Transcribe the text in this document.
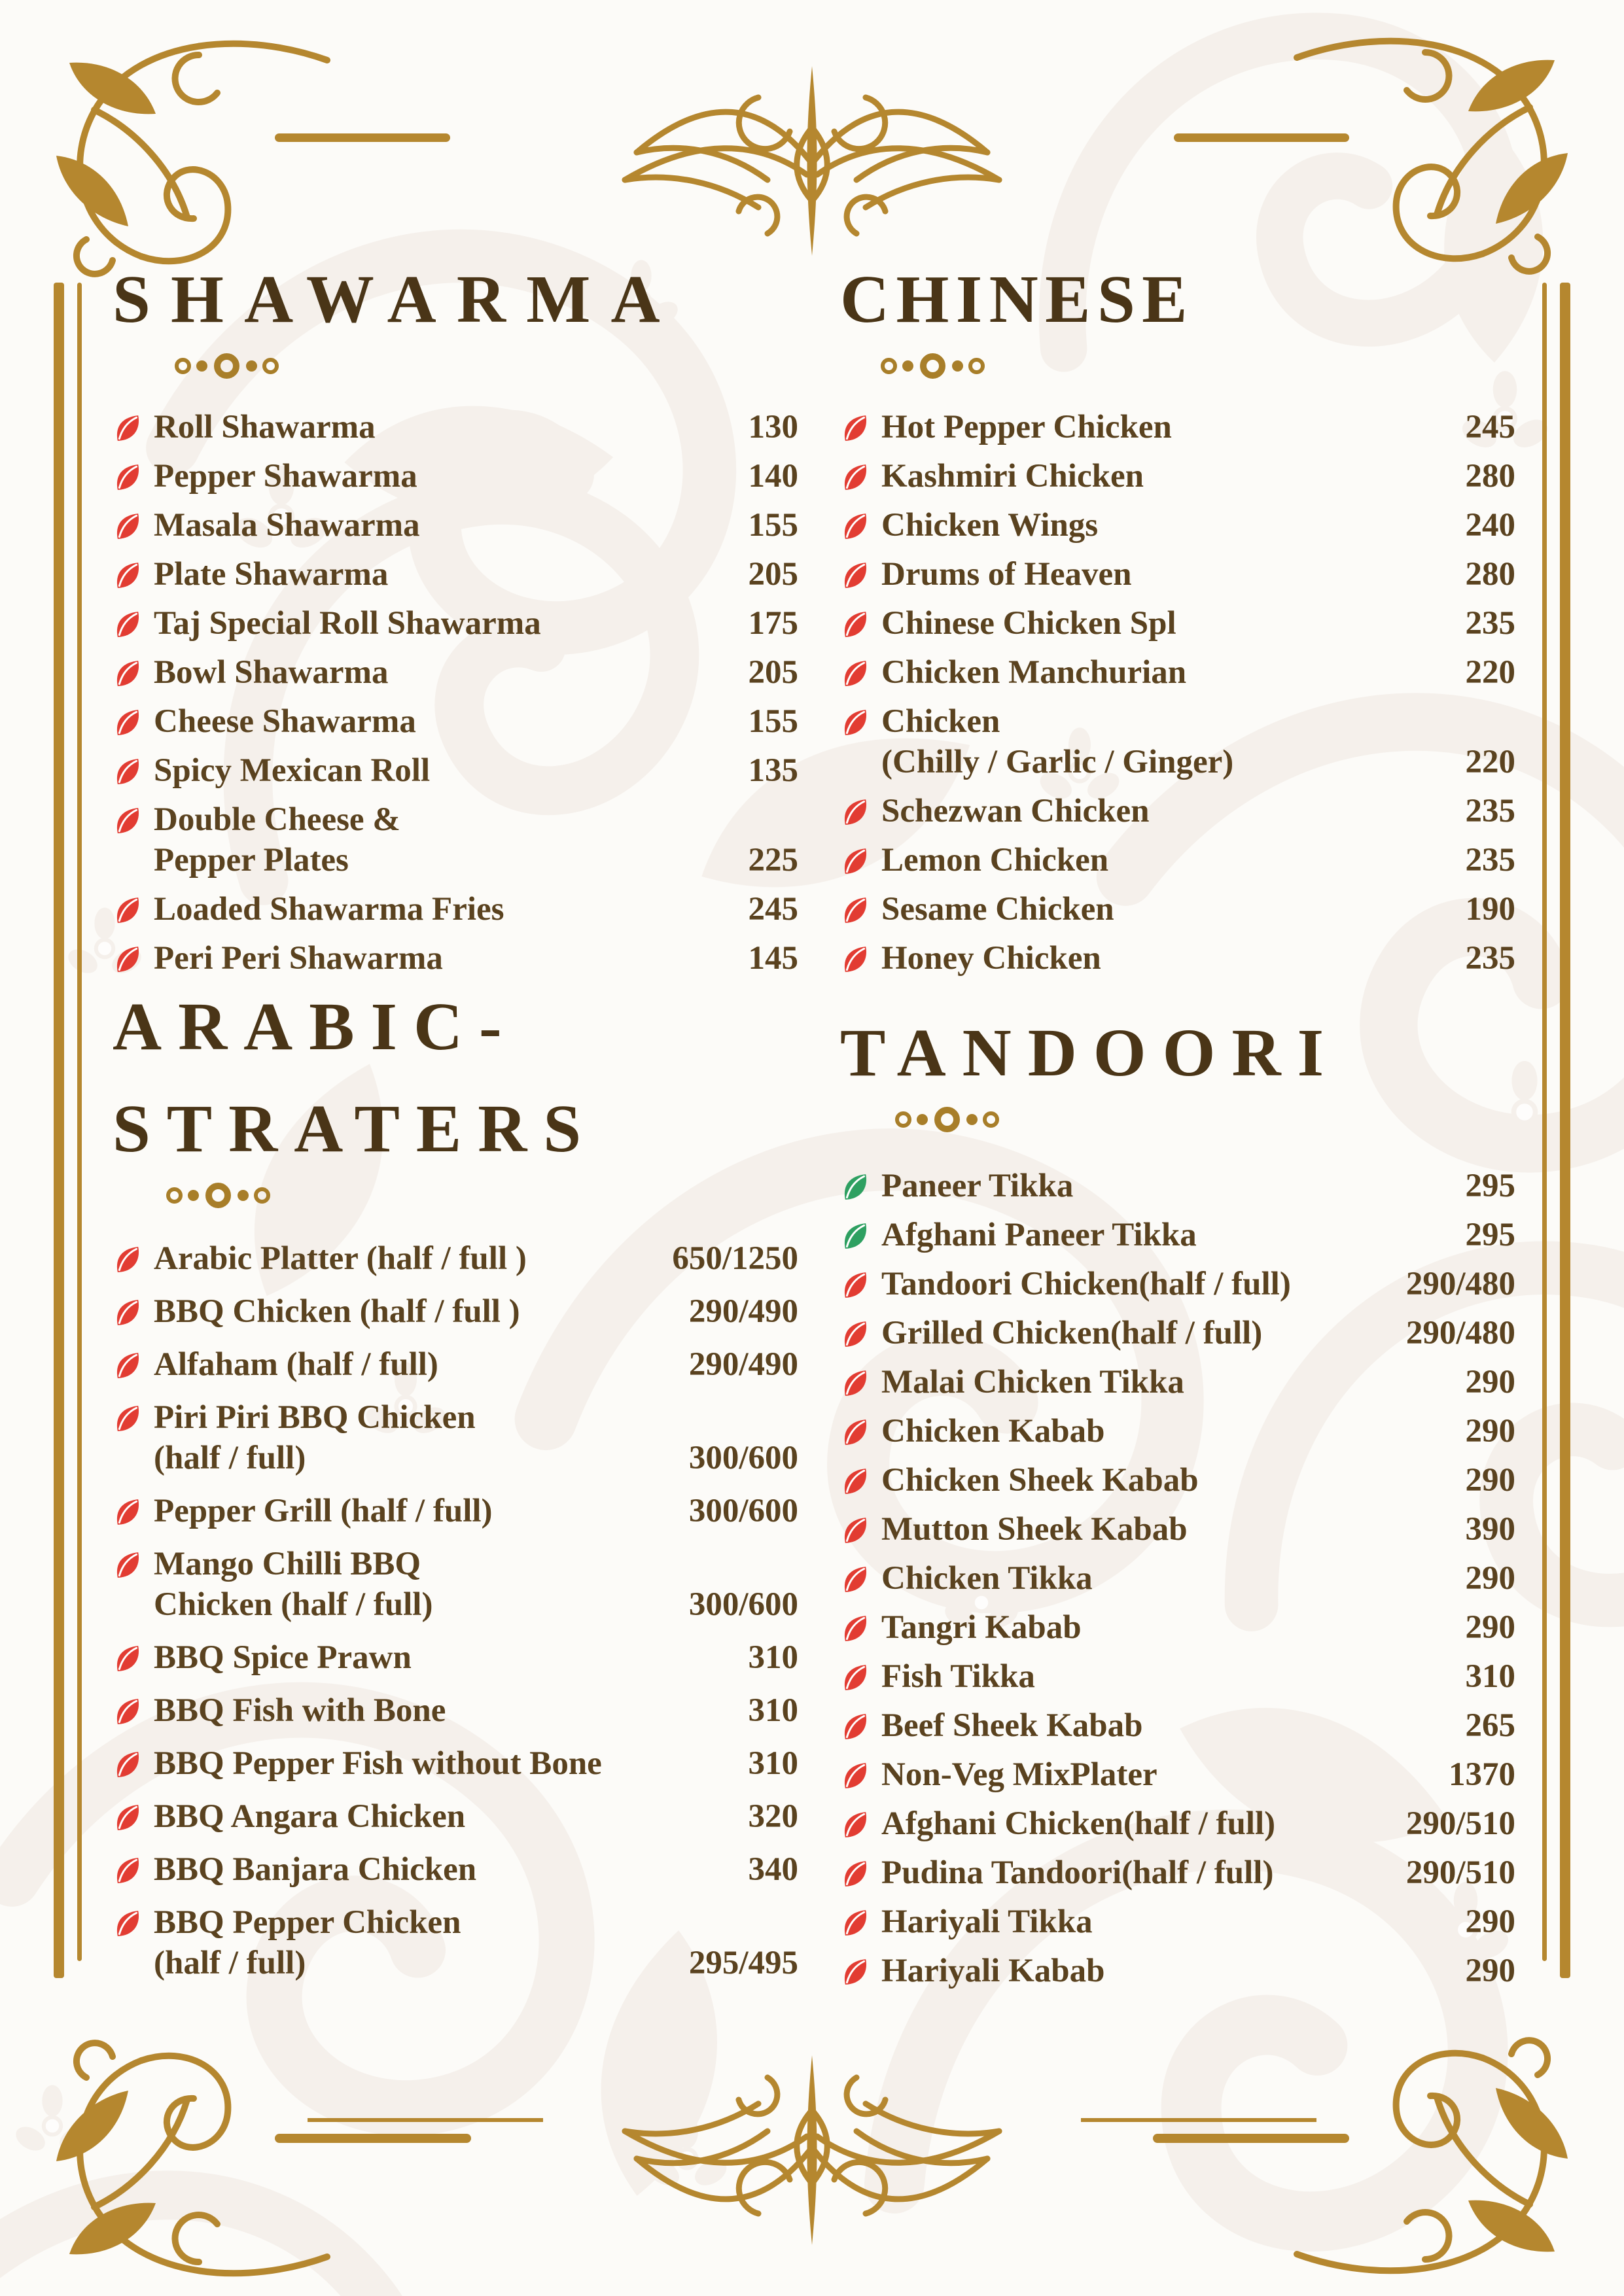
SHAWARMA
Roll Shawarma	130
Pepper Shawarma	140
Masala Shawarma	155
Plate Shawarma	205
Taj Special Roll Shawarma	175
Bowl Shawarma	205
Cheese Shawarma	155
Spicy Mexican Roll	135
Double Cheese &
Pepper Plates	225
Loaded Shawarma Fries	245
Peri Peri Shawarma	145
CHINESE
Hot Pepper Chicken	245
Kashmiri Chicken	280
Chicken Wings	240
Drums of Heaven	280
Chinese Chicken Spl	235
Chicken Manchurian	220
Chicken
(Chilly / Garlic / Ginger)	220
Schezwan Chicken	235
Lemon Chicken	235
Sesame Chicken	190
Honey Chicken	235
ARABIC-
STRATERS
Arabic Platter (half / full )	650/1250
BBQ Chicken (half / full )	290/490
Alfaham (half / full)	290/490
Piri Piri BBQ Chicken
(half / full)	300/600
Pepper Grill (half / full)	300/600
Mango Chilli BBQ
Chicken (half / full)	300/600
BBQ Spice Prawn	310
BBQ Fish with Bone	310
BBQ Pepper Fish without Bone	310
BBQ Angara Chicken	320
BBQ Banjara Chicken	340
BBQ Pepper Chicken
(half / full)	295/495
TANDOORI
Paneer Tikka	295
Afghani Paneer Tikka	295
Tandoori Chicken(half / full)	290/480
Grilled Chicken(half / full)	290/480
Malai Chicken Tikka	290
Chicken Kabab	290
Chicken Sheek Kabab	290
Mutton Sheek Kabab	390
Chicken Tikka	290
Tangri Kabab	290
Fish Tikka	310
Beef Sheek Kabab	265
Non-Veg MixPlater	1370
Afghani Chicken(half / full)	290/510
Pudina Tandoori(half / full)	290/510
Hariyali Tikka	290
Hariyali Kabab	290
